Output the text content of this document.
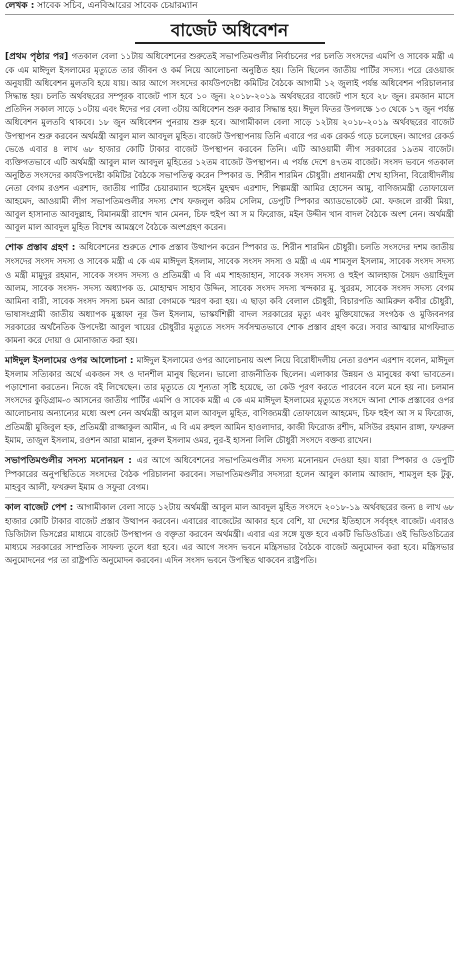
লেখক : সাবেক সচিব, এনবিআরের সাবেক চেয়ারম্যান
বাজেট অধিবেশন
[প্রথম পৃষ্ঠার পর] গতকাল বেলা ১১টায় অধিবেশনের শুরুতেই সভাপতিমণ্ডলীর নির্বাচনের পর চলতি সংসদের এমপি ও সাবেক মন্ত্রী এ কে এম মাঈদুল ইসলামের মৃত্যুতে তার জীবন ও কর্ম নিয়ে আলোচনা অনুষ্ঠিত হয়। তিনি ছিলেন জাতীয় পার্টির সদস্য। পরে রেওয়াজ অনুযায়ী অধিবেশন মুলতবি হয়ে যায়। আর আগে সংসদের কার্যউপদেষ্টা কমিটির বৈঠকে আগামী ১২ জুলাই পর্যন্ত অধিবেশন পরিচালনার সিদ্ধান্ত হয়। চলতি অর্থবছরের সম্পূরক বাজেট পাস হবে ১০ জুন। ২০১৮-২০১৯ অর্থবছরের বাজেট পাস হবে ২৮ জুন। রমজান মাসে প্রতিদিন সকাল সাড়ে ১০টায় এবং ঈদের পর বেলা ৩টায় অধিবেশন শুরু করার সিদ্ধান্ত হয়। ঈদুল ফিতর উপলক্ষে ১৩ থেকে ১৭ জুন পর্যন্ত অধিবেশন মুলতবি থাকবে। ১৮ জুন অধিবেশন পুনরায় শুরু হবে। আগামীকাল বেলা সাড়ে ১২টায় ২০১৮-২০১৯ অর্থবছরের বাজেট উপস্থাপন শুরু করবেন অর্থমন্ত্রী আবুল মাল আবদুল মুহিত। বাজেট উপস্থাপনায় তিনি এবারে পর এক রেকর্ড গড়ে চলেছেন। আগের রেকর্ড ভেঙে এবার ৪ লাখ ৬৮ হাজার কোটি টাকার বাজেট উপস্থাপন করবেন তিনি। এটি আওয়ামী লীগ সরকারের ১৯তম বাজেট। ব্যক্তিগতভাবে এটি অর্থমন্ত্রী আবুল মাল আবদুল মুহিতের ১২তম বাজেট উপস্থাপন। এ পর্যন্ত দেশে ৪৭তম বাজেট। সংসদ ভবনে গতকাল অনুষ্ঠিত সংসদের কার্যউপদেষ্টা কমিটির বৈঠকে সভাপতিত্ব করেন স্পিকার ড. শিরীন শারমিন চৌধুরী। প্রধানমন্ত্রী শেখ হাসিনা, বিরোধীদলীয় নেতা বেগম রওশন এরশাদ, জাতীয় পার্টির চেয়ারম্যান হুসেইন মুহম্মদ এরশাদ, শিল্পমন্ত্রী আমির হোসেন আমু, বাণিজ্যমন্ত্রী তোফায়েল আহমেদ, আওয়ামী লীগ সভাপতিমণ্ডলীর সদস্য শেখ ফজলুল করিম সেলিম, ডেপুটি স্পিকার অ্যাডভোকেট মো. ফজলে রাব্বী মিয়া, আবুল হাসানাত আবদুল্লাহ, বিমানমন্ত্রী রাশেদ খান মেনন, চিফ হুইপ আ স ম ফিরোজ, মইন উদ্দীন খান বাদল বৈঠকে অংশ নেন। অর্থমন্ত্রী আবুল মাল আবদুল মুহিত বিশেষ আমন্ত্রণে বৈঠকে অংশগ্রহণ করেন।
শোক প্রস্তাব গ্রহণ : অধিবেশনের শুরুতে শোক প্রস্তাব উত্থাপন করেন স্পিকার ড. শিরীন শারমিন চৌধুরী। চলতি সংসদের দশম জাতীয় সংসদের সংসদ সদস্য ও সাবেক মন্ত্রী এ কে এম মাঈদুল ইসলাম, সাবেক সংসদ সদস্য ও মন্ত্রী এ এম শামসুল ইসলাম, সাবেক সংসদ সদস্য ও মন্ত্রী মামুদুর রহমান, সাবেক সংসদ সদস্য ও প্রতিমন্ত্রী এ বি এম শাহজাহান, সাবেক সংসদ সদস্য ও হুইপ আলহাজ সৈয়দ ওয়াহিদুল আলম, সাবেক সংসদ- সদস্য অধ্যাপক ড. মোহাম্মদ সাহাব উদ্দিন, সাবেক সংসদ সদস্য খন্দকার মু. খুররম, সাবেক সংসদ সদস্য বেগম আমিনা বারী, সাবেক সংসদ সদস্য চমন আরা বেগমকে স্মরণ করা হয়। এ ছাড়া কবি বেলাল চৌধুরী, বিচারপতি আমিরুল কবীর চৌধুরী, ভাষাসংগ্রামী জাতীয় অধ্যাপক মুস্তাফা নূর উল ইসলাম, ভাস্কর্যশিল্পী বাদল সরকারের মৃত্যু এবং মুক্তিযোদ্ধের সংগঠক ও মুজিবনগর সরকারের অর্থনৈতিক উপদেষ্টা আবুল খায়ের চৌধুরীর মৃত্যুতে সংসদ সর্বসম্মতভাবে শোক প্রস্তাব গ্রহণ করে। সবার আত্মার মাগফিরাত কামনা করে দোয়া ও মোনাজাত করা হয়।
মাঈদুল ইসলামের ওপর আলোচনা : মাঈদুল ইসলামের ওপর আলোচনায় অংশ নিয়ে বিরোধীদলীয় নেতা রওশন এরশাদ বলেন, মাঈদুল ইসলাম সত্যিকার অর্থে একজন সৎ ও দানশীল মানুষ ছিলেন। ভালো রাজনীতিক ছিলেন। এলাকার উন্নয়ন ও মানুষের কথা ভাবতেন। পড়াশোনা করতেন। নিজে বই লিখেছেন। তার মৃত্যুতে যে শূন্যতা সৃষ্টি হয়েছে, তা কেউ পূরণ করতে পারবেন বলে মনে হয় না। চলমান সংসদের কুড়িগ্রাম-৩ আসনের জাতীয় পার্টির এমপি ও সাবেক মন্ত্রী এ কে এম মাঈদুল ইসলামের মৃত্যুতে সংসদে আনা শোক প্রস্তাবের ওপর আলোচনায় অন্যান্যের মধ্যে অংশ নেন অর্থমন্ত্রী আবুল মাল আবদুল মুহিত, বাণিজ্যমন্ত্রী তোফায়েল আহমেদ, চিফ হুইপ আ স ম ফিরোজ, প্রতিমন্ত্রী মুজিবুল হক, প্রতিমন্ত্রী রাজ্জাকুল আমীন, এ বি এম রুহুল আমিন হাওলাদার, কাজী ফিরোজ রশীদ, মসিউর রহমান রাঙ্গা, ফখরুল ইমাম, তাজুল ইসলাম, রওশন আরা মান্নান, নুরুল ইসলাম ওমর, নুর-ই হাসনা লিলি চৌধুরী সংসদে বক্তব্য রাখেন।
সভাপতিমণ্ডলীর সদস্য মনোনয়ন : এর আগে অধিবেশনের সভাপতিমণ্ডলীর সদস্য মনোনয়ন দেওয়া হয়। যারা স্পিকার ও ডেপুটি স্পিকারের অনুপস্থিতিতে সংসদের বৈঠক পরিচালনা করবেন। সভাপতিমণ্ডলীর সদস্যরা হলেন আবুল কালাম আজাদ, শামসুল হক টুকু, মাহবুব আলী, ফখরুল ইমাম ও সফুরা বেগম।
কাল বাজেট পেশ : আগামীকাল বেলা সাড়ে ১২টায় অর্থমন্ত্রী আবুল মাল আবদুল মুহিত সংসদে ২০১৮-১৯ অর্থবছরের জন্য ৪ লাখ ৬৮ হাজার কোটি টাকার বাজেট প্রস্তাব উত্থাপন করবেন। এবারের বাজেটের আকার হবে বেশি, যা দেশের ইতিহাসে সর্ববৃহৎ বাজেট। এবারও ডিজিটাল ডিসপ্লের মাধ্যমে বাজেট উপস্থাপন ও বক্তৃতা করবেন অর্থমন্ত্রী। এবার এর সঙ্গে যুক্ত হবে একটি ভিডিওচিত্র। ওই ভিডিওচিত্রের মাধ্যমে সরকারের সাম্প্রতিক সাফল্য তুলে ধরা হবে। এর আগে সংসদ ভবনে মন্ত্রিসভার বৈঠকে বাজেট অনুমোদন করা হবে। মন্ত্রিসভার অনুমোদনের পর তা রাষ্ট্রপতি অনুমোদন করবেন। এদিন সংসদ ভবনে উপস্থিত থাকবেন রাষ্ট্রপতি।
